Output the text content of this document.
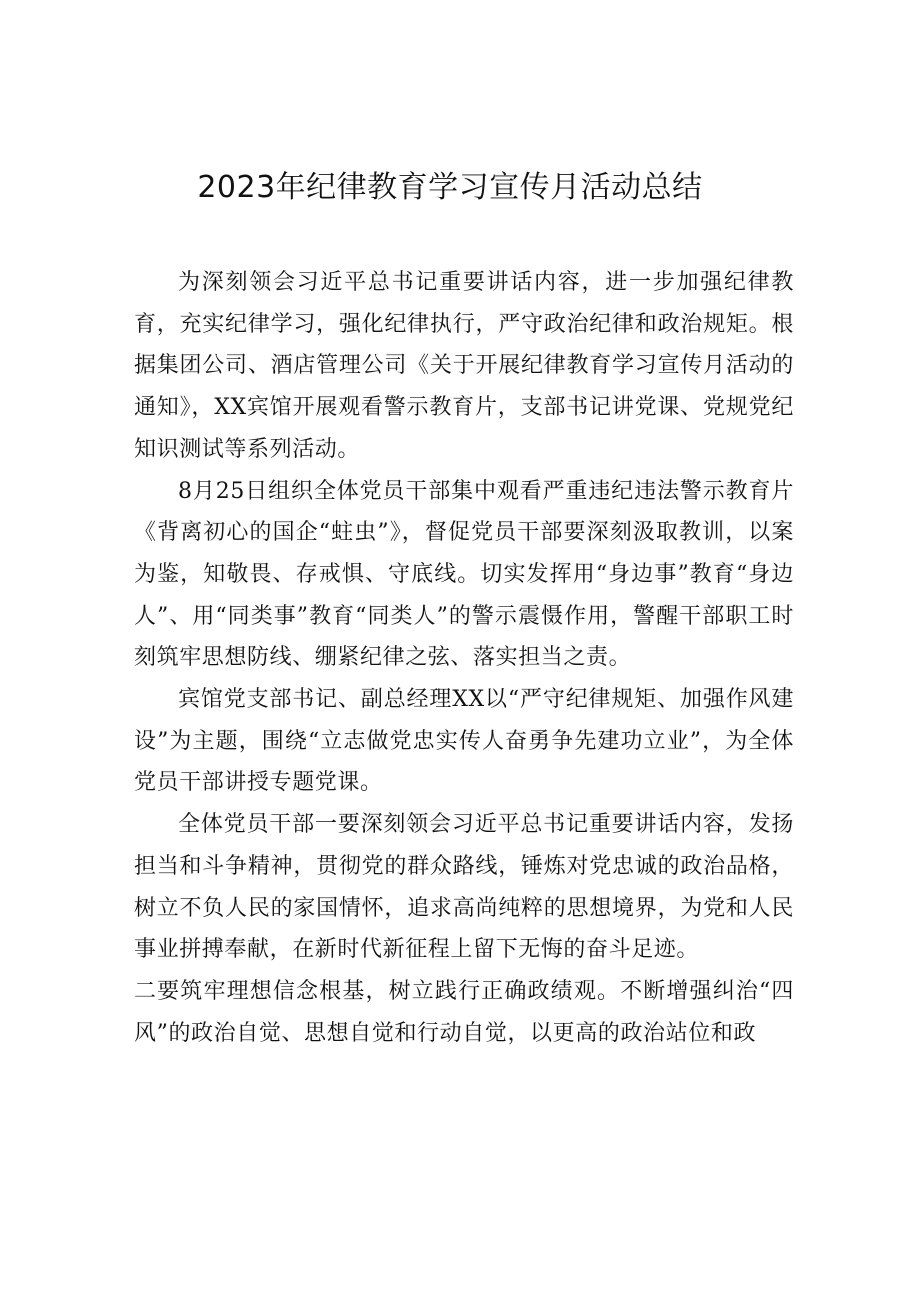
2023年纪律教育学习宣传月活动总结

为深刻领会习近平总书记重要讲话内容，进一步加强纪律教育，充实纪律学习，强化纪律执行，严守政治纪律和政治规矩。根据集团公司、酒店管理公司《关于开展纪律教育学习宣传月活动的通知》，XX宾馆开展观看警示教育片，支部书记讲党课、党规党纪知识测试等系列活动。

8月25日组织全体党员干部集中观看严重违纪违法警示教育片《背离初心的国企“蛀虫”》，督促党员干部要深刻汲取教训，以案为鉴，知敬畏、存戒惧、守底线。切实发挥用“身边事”教育“身边人”、用“同类事”教育“同类人”的警示震慑作用，警醒干部职工时刻筑牢思想防线、绷紧纪律之弦、落实担当之责。

宾馆党支部书记、副总经理XX以“严守纪律规矩、加强作风建设”为主题，围绕“立志做党忠实传人奋勇争先建功立业”，为全体党员干部讲授专题党课。

全体党员干部一要深刻领会习近平总书记重要讲话内容，发扬担当和斗争精神，贯彻党的群众路线，锤炼对党忠诚的政治品格，树立不负人民的家国情怀，追求高尚纯粹的思想境界，为党和人民事业拼搏奉献，在新时代新征程上留下无悔的奋斗足迹。

二要筑牢理想信念根基，树立践行正确政绩观。不断增强纠治“四风”的政治自觉、思想自觉和行动自觉，以更高的政治站位和政
